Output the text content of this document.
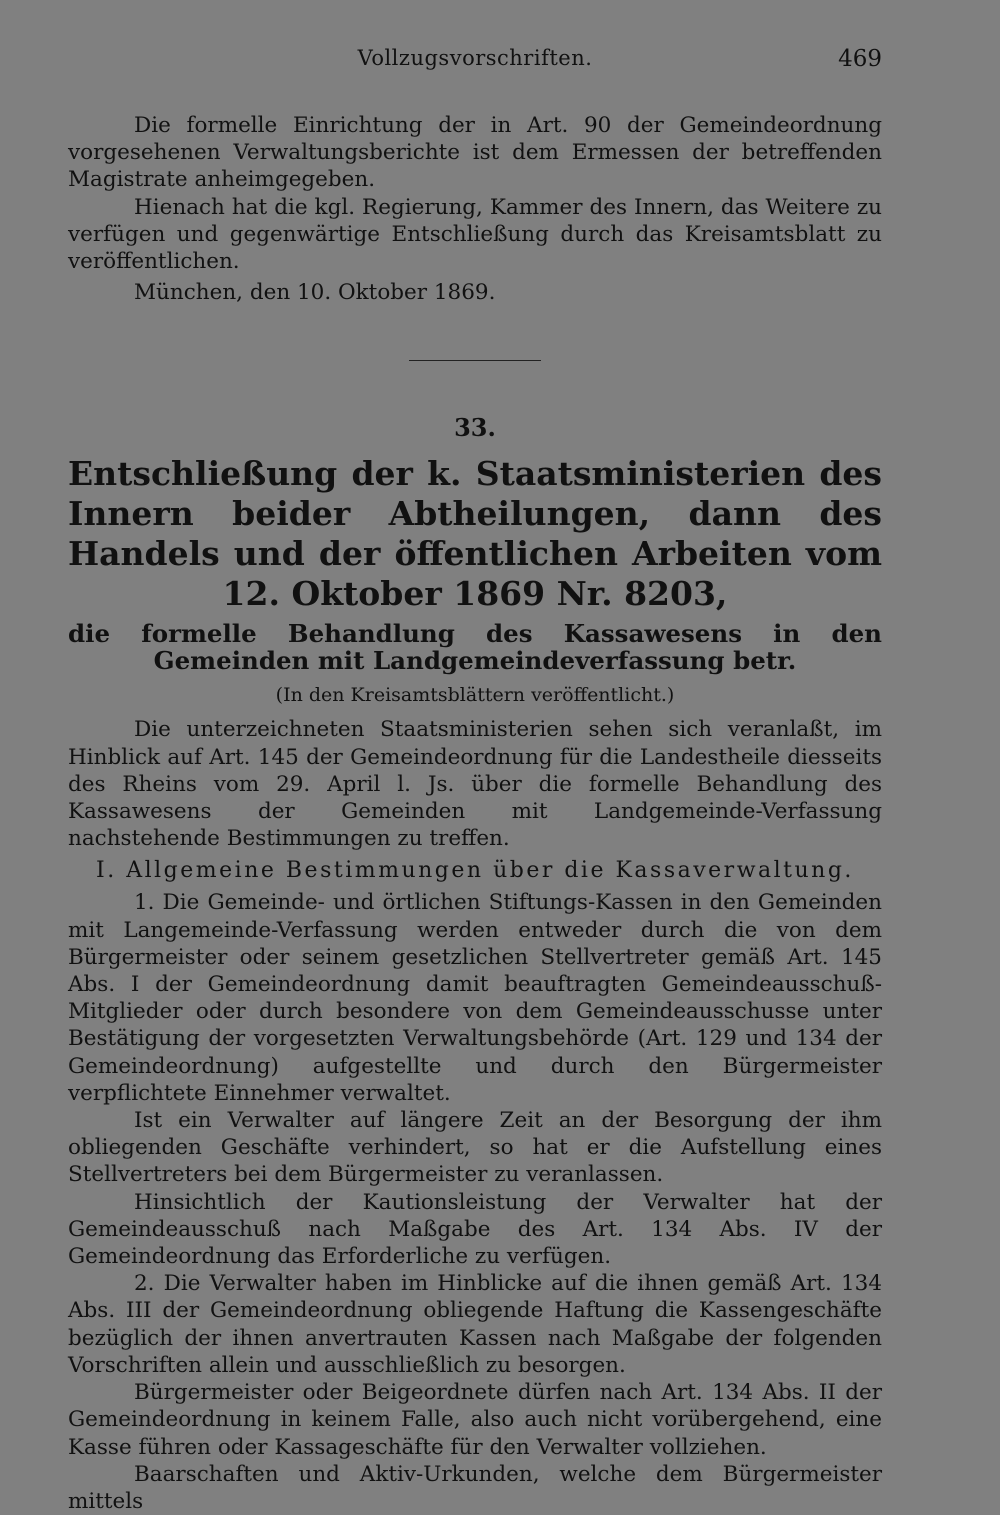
Vollzugsvorschriften.	469

Die formelle Einrichtung der in Art. 90 der Gemeindeordnung vorgesehenen Verwaltungsberichte ist dem Ermessen der betreffenden Magistrate anheimgegeben.

Hienach hat die kgl. Regierung, Kammer des Innern, das Weitere zu verfügen und gegenwärtige Entschließung durch das Kreisamtsblatt zu veröffentlichen.

München, den 10. Oktober 1869.

33.
Entschließung der k. Staatsministerien des Innern beider Abtheilungen, dann des Handels und der öffentlichen Arbeiten vom 12. Oktober 1869 Nr. 8203,
die formelle Behandlung des Kassawesens in den Gemeinden mit Landgemeindeverfassung betr.
(In den Kreisamtsblättern veröffentlicht.)

Die unterzeichneten Staatsministerien sehen sich veranlaßt, im Hinblick auf Art. 145 der Gemeindeordnung für die Landestheile diesseits des Rheins vom 29. April l. Js. über die formelle Behandlung des Kassawesens der Gemeinden mit Landgemeinde-Verfassung nachstehende Bestimmungen zu treffen.

I. Allgemeine Bestimmungen über die Kassaverwaltung.

1. Die Gemeinde- und örtlichen Stiftungs-Kassen in den Gemeinden mit Langemeinde-Verfassung werden entweder durch die von dem Bürgermeister oder seinem gesetzlichen Stellvertreter gemäß Art. 145 Abs. I der Gemeindeordnung damit beauftragten Gemeindeausschuß-Mitglieder oder durch besondere von dem Gemeindeausschusse unter Bestätigung der vorgesetzten Verwaltungsbehörde (Art. 129 und 134 der Gemeindeordnung) aufgestellte und durch den Bürgermeister verpflichtete Einnehmer verwaltet.

Ist ein Verwalter auf längere Zeit an der Besorgung der ihm obliegenden Geschäfte verhindert, so hat er die Aufstellung eines Stellvertreters bei dem Bürgermeister zu veranlassen.

Hinsichtlich der Kautionsleistung der Verwalter hat der Gemeindeausschuß nach Maßgabe des Art. 134 Abs. IV der Gemeindeordnung das Erforderliche zu verfügen.

2. Die Verwalter haben im Hinblicke auf die ihnen gemäß Art. 134 Abs. III der Gemeindeordnung obliegende Haftung die Kassengeschäfte bezüglich der ihnen anvertrauten Kassen nach Maßgabe der folgenden Vorschriften allein und ausschließlich zu besorgen.

Bürgermeister oder Beigeordnete dürfen nach Art. 134 Abs. II der Gemeindeordnung in keinem Falle, also auch nicht vorübergehend, eine Kasse führen oder Kassageschäfte für den Verwalter vollziehen.

Baarschaften und Aktiv-Urkunden, welche dem Bürgermeister mittels
